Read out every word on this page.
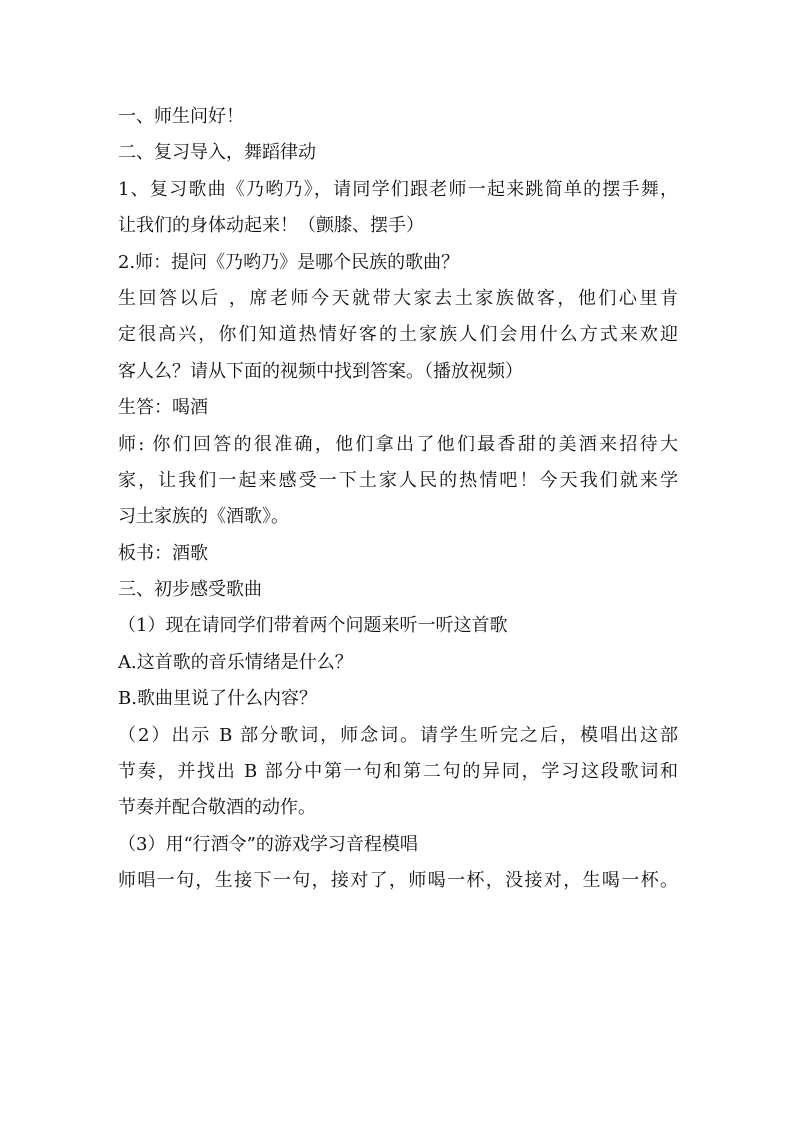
一、师生问好！
二、复习导入，舞蹈律动
1、复习歌曲《乃哟乃》，请同学们跟老师一起来跳简单的摆手舞，
让我们的身体动起来！（颤膝、摆手）
2.师：提问《乃哟乃》是哪个民族的歌曲？
生回答以后 ，席老师今天就带大家去土家族做客，他们心里肯
定很高兴，你们知道热情好客的土家族人们会用什么方式来欢迎
客人么？请从下面的视频中找到答案。（播放视频）
生答：喝酒
师: 你们回答的很准确，他们拿出了他们最香甜的美酒来招待大
家，让我们一起来感受一下土家人民的热情吧！今天我们就来学
习土家族的《酒歌》。
板书：酒歌
三、初步感受歌曲
（1）现在请同学们带着两个问题来听一听这首歌
A.这首歌的音乐情绪是什么？
B.歌曲里说了什么内容？
（2）出示 B 部分歌词，师念词。请学生听完之后，模唱出这部
节奏，并找出 B 部分中第一句和第二句的异同，学习这段歌词和
节奏并配合敬酒的动作。
（3）用“行酒令”的游戏学习音程模唱
师唱一句，生接下一句，接对了，师喝一杯，没接对，生喝一杯。
